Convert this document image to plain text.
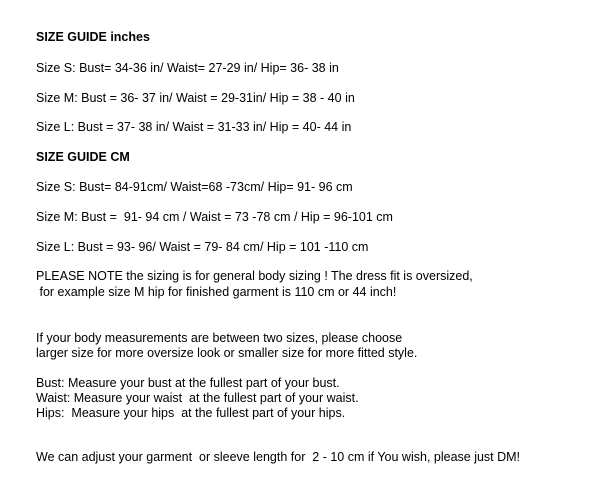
SIZE GUIDE inches
Size S: Bust= 34-36 in/ Waist= 27-29 in/ Hip= 36- 38 in
Size M: Bust = 36- 37 in/ Waist = 29-31in/ Hip = 38 - 40 in
Size L: Bust = 37- 38 in/ Waist = 31-33 in/ Hip = 40- 44 in
SIZE GUIDE CM
Size S: Bust= 84-91cm/ Waist=68 -73cm/ Hip= 91- 96 cm
Size M: Bust =  91- 94 cm / Waist = 73 -78 cm / Hip = 96-101 cm
Size L: Bust = 93- 96/ Waist = 79- 84 cm/ Hip = 101 -110 cm
PLEASE NOTE the sizing is for general body sizing ! The dress fit is oversized,
for example size M hip for finished garment is 110 cm or 44 inch!
If your body measurements are between two sizes, please choose
larger size for more oversize look or smaller size for more fitted style.
Bust: Measure your bust at the fullest part of your bust.
Waist: Measure your waist  at the fullest part of your waist.
Hips:  Measure your hips  at the fullest part of your hips.
We can adjust your garment  or sleeve length for  2 - 10 cm if You wish, please just DM!
